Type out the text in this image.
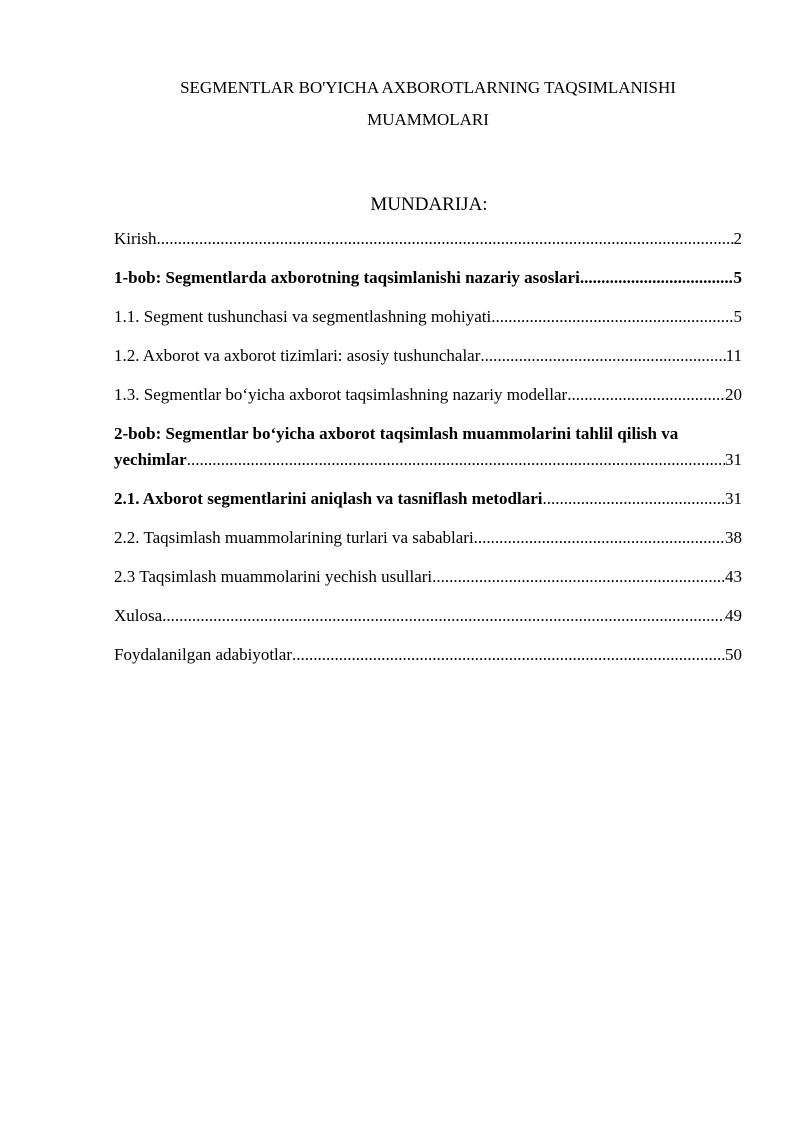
SEGMENTLAR BO'YICHA AXBOROTLARNING TAQSIMLANISHI
MUAMMOLARI
MUNDARIJA:
Kirish .....	2
1-bob: Segmentlarda axborotning taqsimlanishi nazariy asoslari .....	5
1.1. Segment tushunchasi va segmentlashning mohiyati .....	5
1.2. Axborot va axborot tizimlari: asosiy tushunchalar .....	11
1.3. Segmentlar bo‘yicha axborot taqsimlashning nazariy modellar .....	20
2-bob: Segmentlar bo‘yicha axborot taqsimlash muammolarini tahlil qilish va
yechimlar .....	31
2.1. Axborot segmentlarini aniqlash va tasniflash metodlari .....	31
2.2. Taqsimlash muammolarining turlari va sabablari .....	38
2.3 Taqsimlash muammolarini yechish usullari .....	43
Xulosa .....	49
Foydalanilgan adabiyotlar .....	50
